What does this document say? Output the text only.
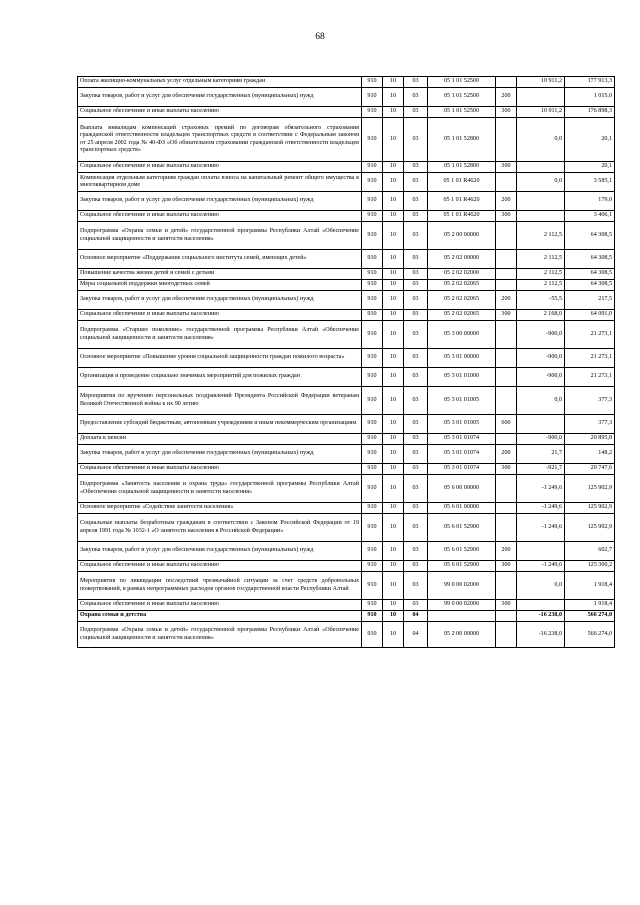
68
Оплата жилищно-коммунальных услуг отдельным категориям граждан	910	10	03	05 1 01 52500		10 911,2	177 913,3
Закупка товаров, работ и услуг для обеспечения государственных (муниципальных) нужд	910	10	03	05 1 01 52500	200		1 015,0
Социальное обеспечение и иные выплаты населению	910	10	03	05 1 01 52500	300	10 911,2	176 898,3
Выплата инвалидам компенсаций страховых премий по договорам обязательного страхования гражданской ответственности владельцев транспортных средств в соответствии с Федеральным законом от 25 апреля 2002 года № 40-ФЗ «Об обязательном страховании гражданской ответственности владельцев транспортных средств»	910	10	03	05 1 01 52800		0,0	20,1
Социальное обеспечение и иные выплаты населению	910	10	03	05 1 01 52800	300		20,1
Компенсация отдельным категориям граждан оплаты взноса на капитальный ремонт общего имущества в многоквартирном доме	910	10	03	05 1 01 R4620		0,0	3 585,1
Закупка товаров, работ и услуг для обеспечения государственных (муниципальных) нужд	910	10	03	05 1 01 R4620	200		179,0
Социальное обеспечение и иные выплаты населению	910	10	03	05 1 01 R4620	300		3 406,1
Подпрограмма «Охрана семьи и детей» государственной программы Республики Алтай «Обеспечение социальной защищенности и занятости населения»	910	10	03	05 2 00 00000		2 112,5	64 308,5
Основное мероприятие «Поддержание социального института семей, имеющих детей»	910	10	03	05 2 02 00000		2 112,5	64 308,5
Повышение качества жизни детей и семей с детьми	910	10	03	05 2 02 02000		2 112,5	64 308,5
Меры социальной поддержки многодетных семей	910	10	03	05 2 02 02065		2 112,5	64 308,5
Закупка товаров, работ и услуг для обеспечения государственных (муниципальных) нужд	910	10	03	05 2 02 02065	200	-55,5	217,5
Социальное обеспечение и иные выплаты населению	910	10	03	05 2 02 02065	300	2 168,0	64 091,0
Подпрограмма «Старшее поколение» государственной программы Республики Алтай «Обеспечение социальной защищенности и занятости населения»	910	10	03	05 3 00 00000		-900,0	21 273,1
Основное мероприятие «Повышение уровня социальной защищенности граждан пожилого возраста»	910	10	03	05 3 01 00000		-900,0	21 273,1
Организация и проведение социально значимых мероприятий для пожилых граждан	910	10	03	05 3 01 01000		-900,0	21 273,1
Мероприятия по вручению персональных поздравлений Президента Российской Федерации ветеранам Великой Отечественной войны к их 90 летию	910	10	03	05 3 01 01005		0,0	377,3
Предоставление субсидий бюджетным, автономным учреждениям и иным некоммерческим организациям	910	10	03	05 3 01 01005	600		377,3
Доплата к пенсии	910	10	03	05 3 01 01074		-900,0	20 895,8
Закупка товаров, работ и услуг для обеспечения государственных (муниципальных) нужд	910	10	03	05 3 01 01074	200	21,7	148,2
Социальное обеспечение и иные выплаты населению	910	10	03	05 3 01 01074	300	-921,7	20 747,6
Подпрограмма «Занятость населения и охрана труда» государственной программы Республики Алтай «Обеспечение социальной защищенности и занятости населения»	910	10	03	05 6 00 00000		-1 249,6	125 902,9
Основное мероприятие «Содействие занятости населения»	910	10	03	05 6 01 00000		-1 249,6	125 902,9
Социальные выплаты безработным гражданам в соответствии с Законом Российской Федерации от 19 апреля 1991 года № 1032-1 «О занятости населения в Российской Федерации»	910	10	03	05 6 01 52900		-1 249,6	125 902,9
Закупка товаров, работ и услуг для обеспечения государственных (муниципальных) нужд	910	10	03	05 6 01 52900	200		602,7
Социальное обеспечение и иные выплаты населению	910	10	03	05 6 01 52900	300	-1 249,6	125 300,2
Мероприятия по ликвидации последствий чрезвычайной ситуации за счет средств добровольных пожертвований, в рамках непрограммных расходов органов государственной власти Республики Алтай	910	10	03	99 0 00 02000		0,0	1 918,4
Социальное обеспечение и иные выплаты населению	910	10	03	99 0 00 02000	300		1 918,4
Охрана семьи и детства	910	10	04			-16 238,0	566 274,0
Подпрограмма «Охрана семьи и детей» государственной программы Республики Алтай «Обеспечение социальной защищенности и занятости населения»	910	10	04	05 2 00 00000		-16 238,0	566 274,0
